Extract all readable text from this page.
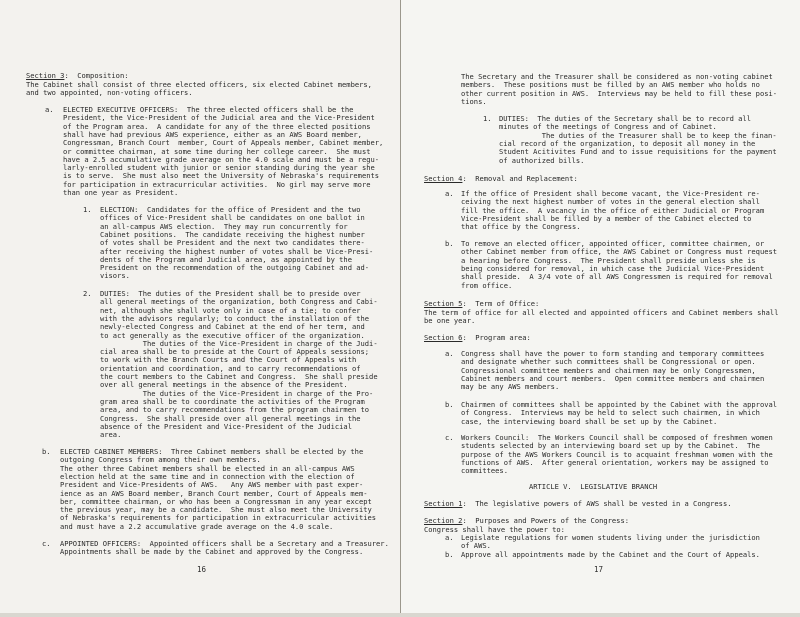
16	17
Section 3 :  Composition:
The Cabinet shall consist of three elected officers, six elected Cabinet members,
and two appointed, non-voting officers.
a. ELECTED EXECUTIVE OFFICERS:  The three elected officers shall be the
President, the Vice-President of the Judicial area and the Vice-President
of the Program area.  A candidate for any of the three elected positions
shall have had previous AWS experience, either as an AWS Board member,
Congressman, Branch Court  member, Court of Appeals member, Cabinet member,
or committee chairman, at some time during her college career.  She must
have a 2.5 accumulative grade average on the 4.0 scale and must be a regu-
larly-enrolled student with junior or senior standing during the year she
is to serve.  She must also meet the University of Nebraska's requirements
for participation in extracurricular activities.  No girl may serve more
than one year as President.
1. ELECTION:  Candidates for the office of President and the two
offices of Vice-President shall be candidates on one ballot in
an all-campus AWS election.  They may run concurrently for
Cabinet positions.  The candidate receiving the highest number
of votes shall be President and the next two candidates there-
after receiving the highest number of votes shall be Vice-Presi-
dents of the Program and Judicial area, as appointed by the
President on the recommendation of the outgoing Cabinet and ad-
visors.
2. DUTIES:  The duties of the President shall be to preside over
all general meetings of the organization, both Congress and Cabi-
net, although she shall vote only in case of a tie; to confer
with the advisors regularly; to conduct the installation of the
newly-elected Congress and Cabinet at the end of her term, and
to act generally as the executive officer of the organization.
The duties of the Vice-President in charge of the Judi-
cial area shall be to preside at the Court of Appeals sessions;
to work with the Branch Courts and the Court of Appeals with
orientation and coordination, and to carry recommendations of
the court members to the Cabinet and Congress.  She shall preside
over all general meetings in the absence of the President.
The duties of the Vice-President in charge of the Pro-
gram area shall be to coordinate the activities of the Program
area, and to carry recommendations from the program chairmen to
Congress.  She shall preside over all general meetings in the
absence of the President and Vice-President of the Judicial
area.
b. ELECTED CABINET MEMBERS:  Three Cabinet members shall be elected by the
outgoing Congress from among their own members.
The other three Cabinet members shall be elected in an all-campus AWS
election held at the same time and in connection with the election of
President and Vice-Presidents of AWS.   Any AWS member with past exper-
ience as an AWS Board member, Branch Court member, Court of Appeals mem-
ber, committee chairman, or who has been a Congressman in any year except
the previous year, may be a candidate.  She must also meet the University
of Nebraska's requirements for participation in extracurricular activities
and must have a 2.2 accumulative grade average on the 4.0 scale.
c. APPOINTED OFFICERS:  Appointed officers shall be a Secretary and a Treasurer.
Appointments shall be made by the Cabinet and approved by the Congress.
The Secretary and the Treasurer shall be considered as non-voting cabinet
members.  These positions must be filled by an AWS member who holds no
other current position in AWS.  Interviews may be held to fill these posi-
tions.
1. DUTIES:  The duties of the Secretary shall be to record all
minutes of the meetings of Congress and of Cabinet.
The duties of the Treasurer shall be to keep the finan-
cial record of the organization, to deposit all money in the
Student Acitivites Fund and to issue requisitions for the payment
of authorized bills.
Section 4 :  Removal and Replacement:
a. If the office of President shall become vacant, the Vice-President re-
ceiving the next highest number of votes in the general election shall
fill the office.  A vacancy in the office of either Judicial or Program
Vice-President shall be filled by a member of the Cabinet elected to
that office by the Congress.
b. To remove an elected officer, appointed officer, committee chairmen, or
other Cabinet member from office, the AWS Cabinet or Congress must request
a hearing before Congress.  The President shall preside unless she is
being considered for removal, in which case the Judicial Vice-President
shall preside.  A 3/4 vote of all AWS Congressmen is required for removal
from office.
Section 5 :  Term of Office:
The term of office for all elected and appointed officers and Cabinet members shall
be one year.
Section 6 :  Program area:
a. Congress shall have the power to form standing and temporary committees
and designate whether such committees shall be Congressional or open.
Congressional committee members and chairmen may be only Congressmen,
Cabinet members and court members.  Open committee members and chairmen
may be any AWS members.
b. Chairmen of committees shall be appointed by the Cabinet with the approval
of Congress.  Interviews may be held to select such chairmen, in which
case, the interviewing board shall be set up by the Cabinet.
c. Workers Council:  The Workers Council shall be composed of freshmen women
students selected by an interviewing board set up by the Cabinet.  The
purpose of the AWS Workers Council is to acquaint freshman women with the
functions of AWS.  After general orientation, workers may be assigned to
committees.
ARTICLE V.  LEGISLATIVE BRANCH
Section 1 :  The legislative powers of AWS shall be vested in a Congress.
Section 2 :  Purposes and Powers of the Congress:
Congress shall have the power to:
a. Legislate regulations for women students living under the jurisdiction
of AWS.
b. Approve all appointments made by the Cabinet and the Court of Appeals.
